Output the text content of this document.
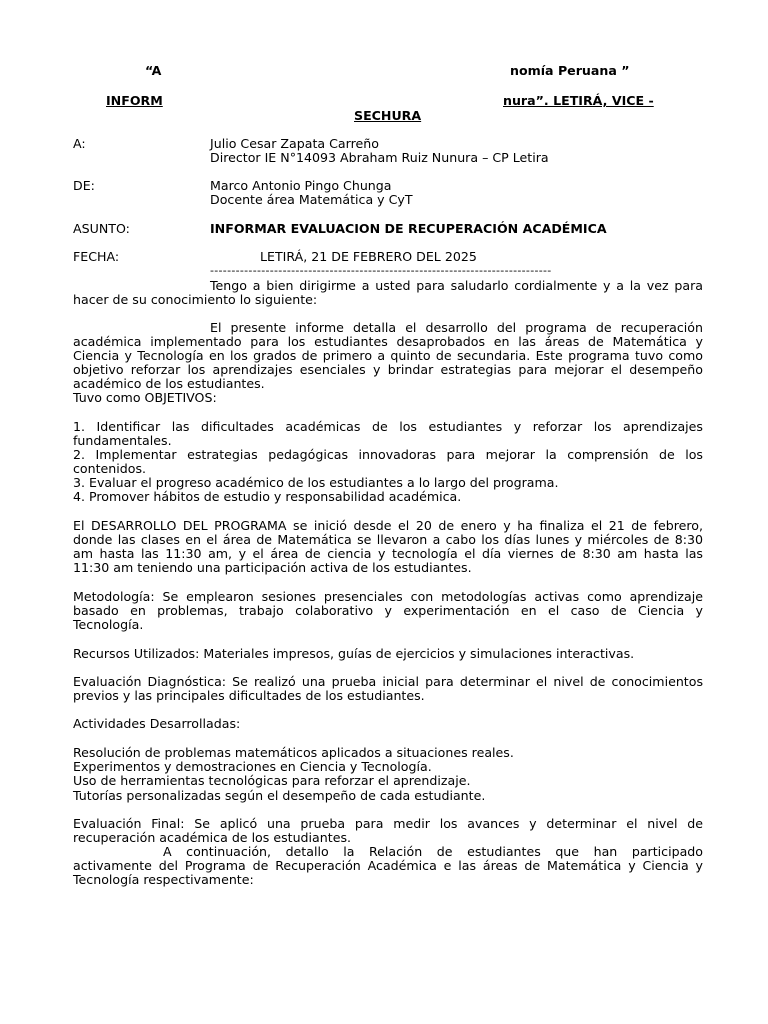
“A	nomía Peruana ”
INFORM	nura”. LETIRÁ, VICE -
SECHURA
A:	Julio Cesar Zapata Carreño
Director IE N°14093 Abraham Ruiz Nunura – CP Letira
DE:	Marco Antonio Pingo Chunga
Docente área Matemática y CyT
ASUNTO:	INFORMAR EVALUACION DE RECUPERACIÓN ACADÉMICA
FECHA:	LETIRÁ, 21 DE FEBRERO DEL 2025
--------------------------------------------------------------------------------
Tengo a bien dirigirme a usted para saludarlo cordialmente y a la vez para
hacer de su conocimiento lo siguiente:
El presente informe detalla el desarrollo del programa de recuperación
académica implementado para los estudiantes desaprobados en las áreas de Matemática y
Ciencia y Tecnología en los grados de primero a quinto de secundaria. Este programa tuvo como
objetivo reforzar los aprendizajes esenciales y brindar estrategias para mejorar el desempeño
académico de los estudiantes.
Tuvo como OBJETIVOS:
1. Identificar las dificultades académicas de los estudiantes y reforzar los aprendizajes
fundamentales.
2. Implementar estrategias pedagógicas innovadoras para mejorar la comprensión de los
contenidos.
3. Evaluar el progreso académico de los estudiantes a lo largo del programa.
4. Promover hábitos de estudio y responsabilidad académica.
El DESARROLLO DEL PROGRAMA se inició desde el 20 de enero y ha finaliza el 21 de febrero,
donde las clases en el área de Matemática se llevaron a cabo los días lunes y miércoles de 8:30
am hasta las 11:30 am, y el área de ciencia y tecnología el día viernes de 8:30 am hasta las
11:30 am teniendo una participación activa de los estudiantes.
Metodología: Se emplearon sesiones presenciales con metodologías activas como aprendizaje
basado en problemas, trabajo colaborativo y experimentación en el caso de Ciencia y
Tecnología.
Recursos Utilizados: Materiales impresos, guías de ejercicios y simulaciones interactivas.
Evaluación Diagnóstica: Se realizó una prueba inicial para determinar el nivel de conocimientos
previos y las principales dificultades de los estudiantes.
Actividades Desarrolladas:
Resolución de problemas matemáticos aplicados a situaciones reales.
Experimentos y demostraciones en Ciencia y Tecnología.
Uso de herramientas tecnológicas para reforzar el aprendizaje.
Tutorías personalizadas según el desempeño de cada estudiante.
Evaluación Final: Se aplicó una prueba para medir los avances y determinar el nivel de
recuperación académica de los estudiantes.
A continuación, detallo la Relación de estudiantes que han participado
activamente del Programa de Recuperación Académica e las áreas de Matemática y Ciencia y
Tecnología respectivamente:
